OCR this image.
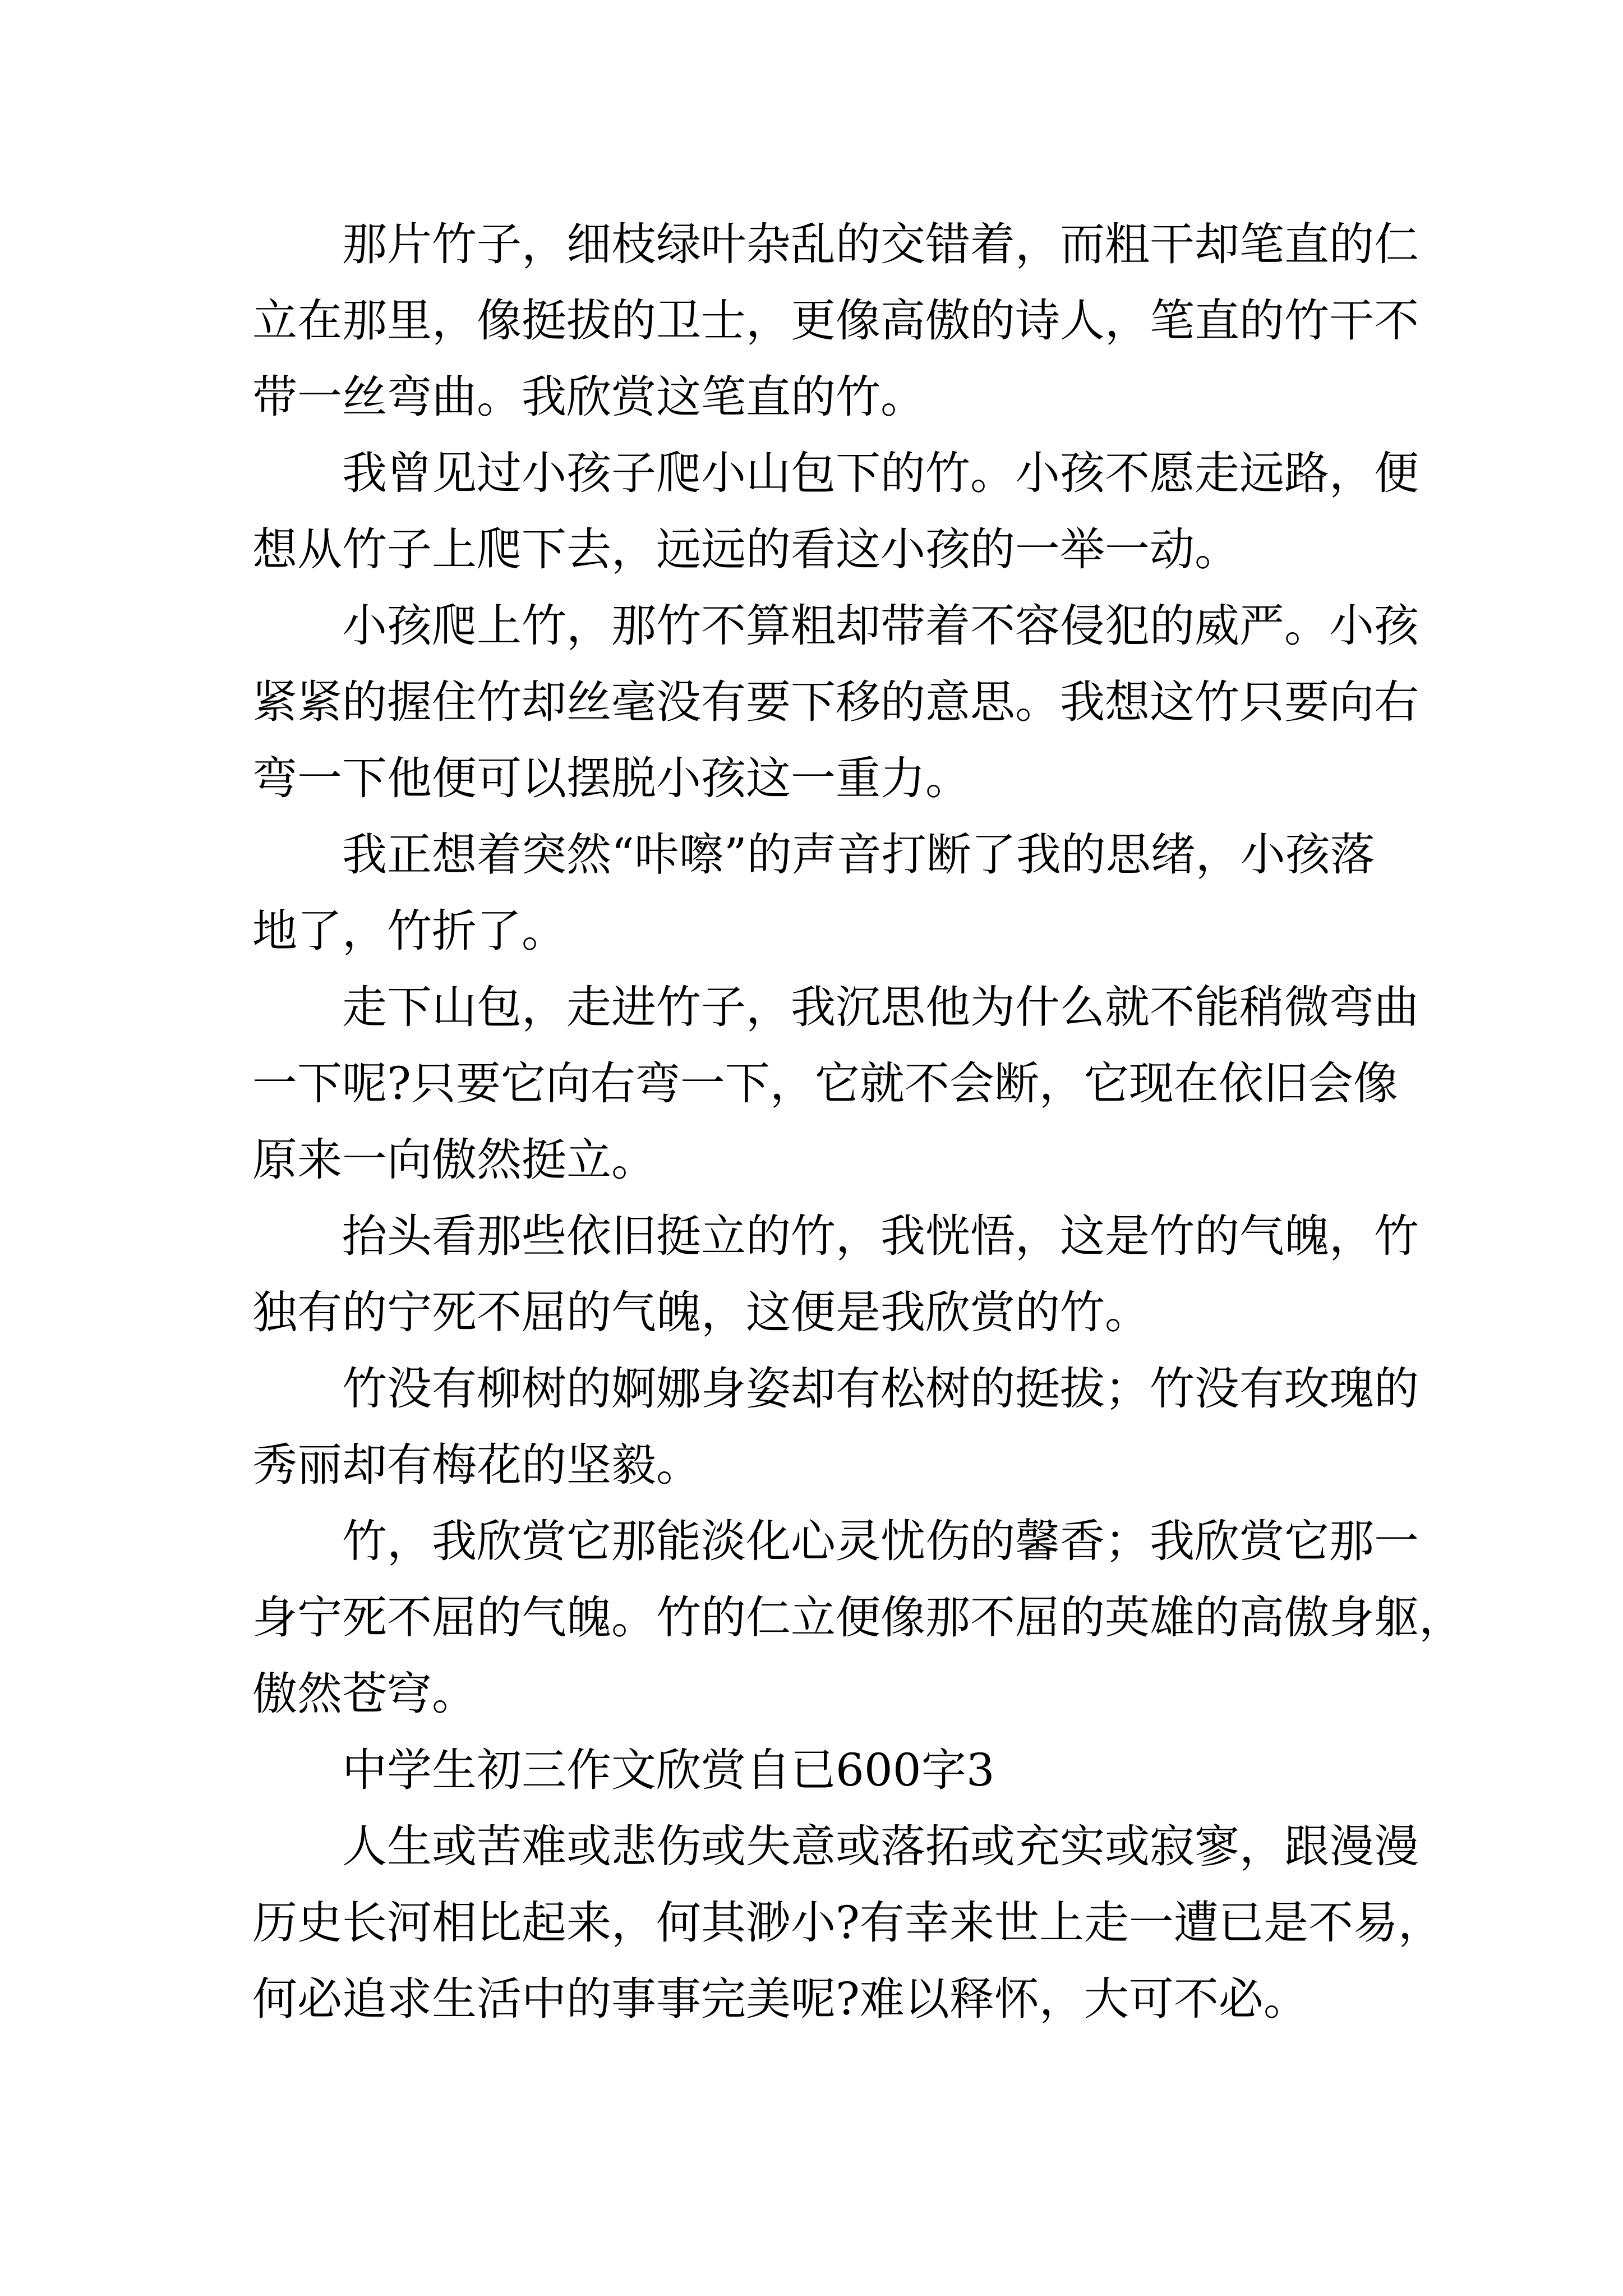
那片竹子，细枝绿叶杂乱的交错着，而粗干却笔直的仁
立在那里，像挺拔的卫士，更像高傲的诗人，笔直的竹干不
带一丝弯曲。我欣赏这笔直的竹。
我曾见过小孩子爬小山包下的竹。小孩不愿走远路，便
想从竹子上爬下去，远远的看这小孩的一举一动。
小孩爬上竹，那竹不算粗却带着不容侵犯的威严。小孩
紧紧的握住竹却丝毫没有要下移的意思。我想这竹只要向右
弯一下他便可以摆脱小孩这一重力。
我正想着突然“咔嚓”的声音打断了我的思绪，小孩落
地了，竹折了。
走下山包，走进竹子，我沉思他为什么就不能稍微弯曲
一下呢?只要它向右弯一下，它就不会断，它现在依旧会像
原来一向傲然挺立。
抬头看那些依旧挺立的竹，我恍悟，这是竹的气魄，竹
独有的宁死不屈的气魄，这便是我欣赏的竹。
竹没有柳树的婀娜身姿却有松树的挺拔；竹没有玫瑰的
秀丽却有梅花的坚毅。
竹，我欣赏它那能淡化心灵忧伤的馨香；我欣赏它那一
身宁死不屈的气魄。竹的仁立便像那不屈的英雄的高傲身躯，
傲然苍穹。
中学生初三作文欣赏自已600字3
人生或苦难或悲伤或失意或落拓或充实或寂寥，跟漫漫
历史长河相比起来，何其渺小?有幸来世上走一遭已是不易，
何必追求生活中的事事完美呢?难以释怀，大可不必。
